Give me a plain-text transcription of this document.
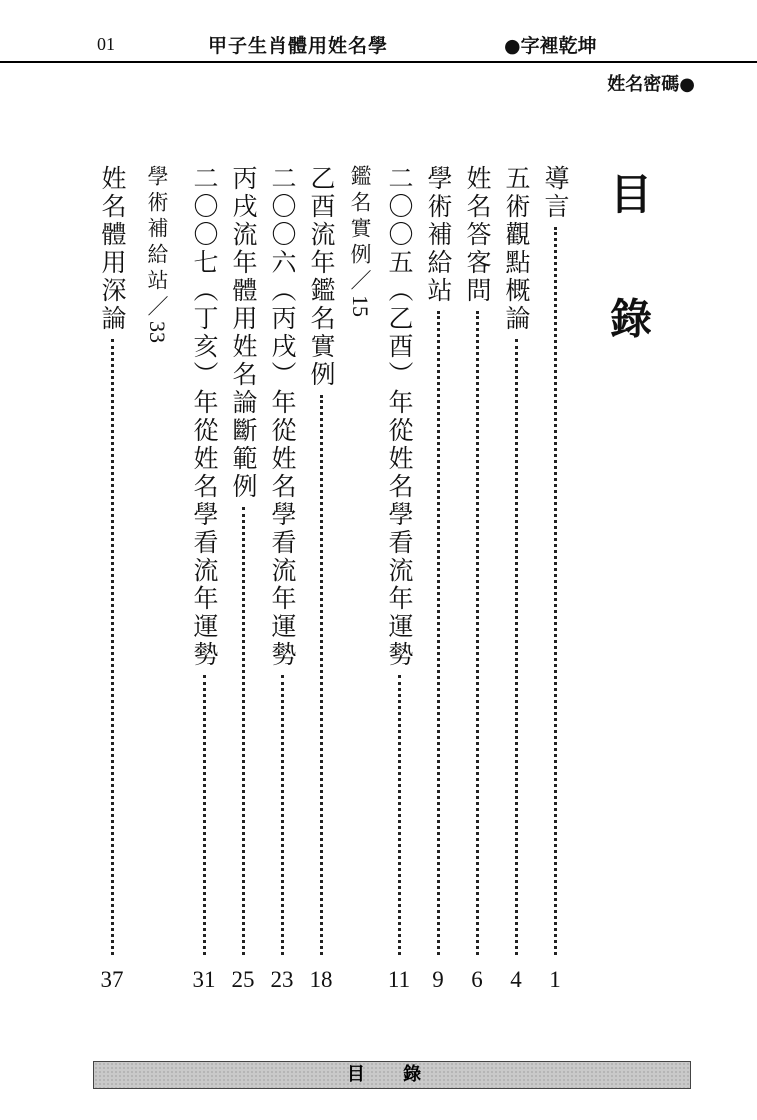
01	甲子生肖體用姓名學	●字裡乾坤
姓名密碼●
目 錄
導言
1
五術觀點概論
4
姓名答客問
6
學術補給站
9
二〇〇五（乙酉）年從姓名學看流年運勢
11
鑑名實例／15
乙酉流年鑑名實例
18
二〇〇六（丙戌）年從姓名學看流年運勢
23
丙戌流年體用姓名論斷範例
25
二〇〇七（丁亥）年從姓名學看流年運勢
31
學術補給站／33
姓名體用深論
37
目 錄
